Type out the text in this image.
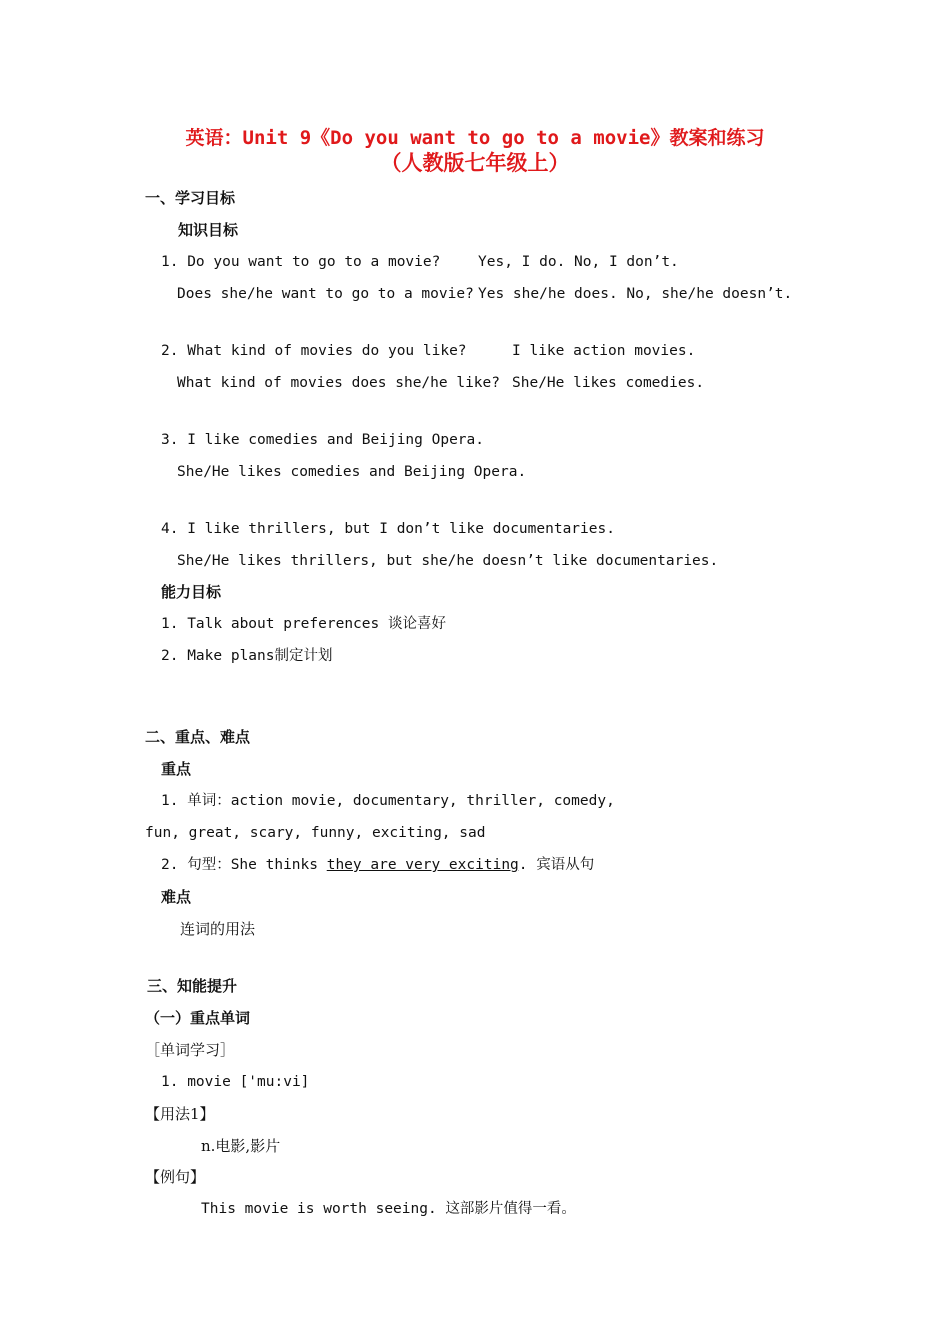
英语：Unit 9《Do you want to go to a movie》教案和练习
（人教版七年级上）
一、学习目标
知识目标
1. Do you want to go to a movie?	Yes, I do. No, I don’t.
Does she/he want to go to a movie? Yes she/he does. No, she/he doesn’t.
2. What kind of movies do you like?	I like action movies.
What kind of movies does she/he like? She/He likes comedies.
3. I like comedies and Beijing Opera.
She/He likes comedies and Beijing Opera.
4. I like thrillers, but I don’t like documentaries.
She/He likes thrillers, but she/he doesn’t like documentaries.
能力目标
1. Talk about preferences 谈论喜好
2. Make plans制定计划
二、重点、难点
重点
1. 单词：action movie, documentary, thriller, comedy,
fun, great, scary, funny, exciting, sad
2. 句型：She thinks they are very exciting. 宾语从句
难点
连词的用法
三、知能提升
（一）重点单词
［单词学习］
1. movie ['mu:vi]
【用法1】
n.电影,影片
【例句】
This movie is worth seeing. 这部影片值得一看。
